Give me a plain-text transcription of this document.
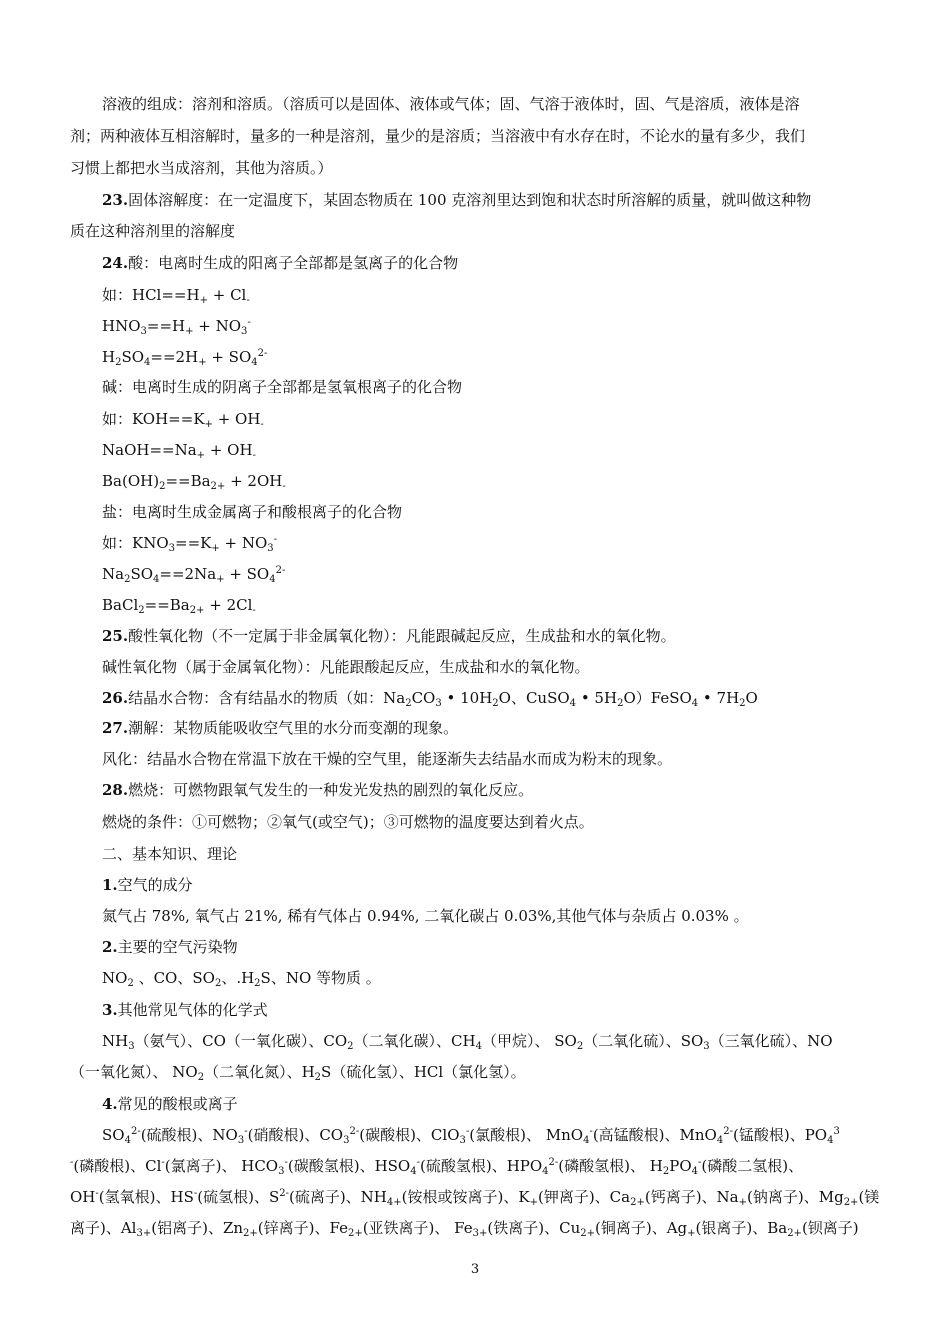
溶液的组成：溶剂和溶质。（溶质可以是固体、液体或气体；固、气溶于液体时，固、气是溶质，液体是溶
剂；两种液体互相溶解时，量多的一种是溶剂，量少的是溶质；当溶液中有水存在时，不论水的量有多少，我们
习惯上都把水当成溶剂，其他为溶质。）
23.固体溶解度：在一定温度下，某固态物质在 100 克溶剂里达到饱和状态时所溶解的质量，就叫做这种物
质在这种溶剂里的溶解度
24.酸：电离时生成的阳离子全部都是氢离子的化合物
如：$HCl==H_+ + Cl_-$
$HNO_3==H_+ + NO_3^-$
$H_2SO_4==2H_+ + SO_4^{2-}$
碱：电离时生成的阴离子全部都是氢氧根离子的化合物
如：$KOH==K_+ + OH_-$
$NaOH==Na_+ + OH_-$
$Ba(OH)_2==Ba_{2+} + 2OH_-$
盐：电离时生成金属离子和酸根离子的化合物
如：$KNO_3==K_+ + NO_3^-$
$Na_2SO_4==2Na_+ + SO_4^{2-}$
$BaCl_2==Ba_{2+} + 2Cl_-$
25.酸性氧化物（不一定属于非金属氧化物）：凡能跟碱起反应，生成盐和水的氧化物。
碱性氧化物（属于金属氧化物）：凡能跟酸起反应，生成盐和水的氧化物。
26.结晶水合物：含有结晶水的物质（如：$Na_2CO_3$ • $10H_2O$、CuSO$_4$ • $5H_2O)FeSO_4$ • $7H_2O$
27.潮解：某物质能吸收空气里的水分而变潮的现象。
风化：结晶水合物在常温下放在干燥的空气里，能逐渐失去结晶水而成为粉末的现象。
28.燃烧：可燃物跟氧气发生的一种发光发热的剧烈的氧化反应。
燃烧的条件：①可燃物；②氧气(或空气)；③可燃物的温度要达到着火点。
二、基本知识、理论
1.空气的成分
氮气占 78%, 氧气占 21%, 稀有气体占 0.94%, 二氧化碳占 0.03%,其他气体与杂质占 0.03% 。
2.主要的空气污染物
$NO_2$ 、CO、$SO_2$、$.H_2S$、NO 等物质 。
3.其他常见气体的化学式
$NH_3$（氨气）、CO（一氧化碳）、$CO_2$（二氧化碳）、$CH_4$（甲烷）、 $SO_2$（二氧化硫）、$SO_3$（三氧化硫）、NO
（一氧化氮）、 $NO_2$（二氧化氮）、$H_2S$（硫化氢）、HCl（氯化氢）。
4.常见的酸根或离子
$SO_4^{2-}$(硫酸根)、$NO_3^-$(硝酸根)、$CO_3^{2-}$(碳酸根)、ClO$_3$-(氯酸根)、 MnO$_4$-(高锰酸根)、MnO$_4^{2-}$(锰酸根)、$PO_4^3$
-(磷酸根)、Cl-(氯离子)、 $HCO_3^-$(碳酸氢根)、$HSO_4^-$(硫酸氢根)、$HPO_4^{2-}$(磷酸氢根)、 $H_2PO_4^-$(磷酸二氢根)、
OH-(氢氧根)、HS-(硫氢根)、$S^{2-}$(硫离子)、$NH_{4+}$(铵根或铵离子)、$K_+$(钾离子)、$Ca_{2+}$(钙离子)、$Na_+$(钠离子)、$Mg_{2+}$(镁
离子)、$Al_{3+}$(铝离子)、$Zn_{2+}$(锌离子)、$Fe_{2+}$(亚铁离子)、 $Fe_{3+}$(铁离子)、$Cu_{2+}$(铜离子)、$Ag_+$(银离子)、$Ba_{2+}$(钡离子)
3
